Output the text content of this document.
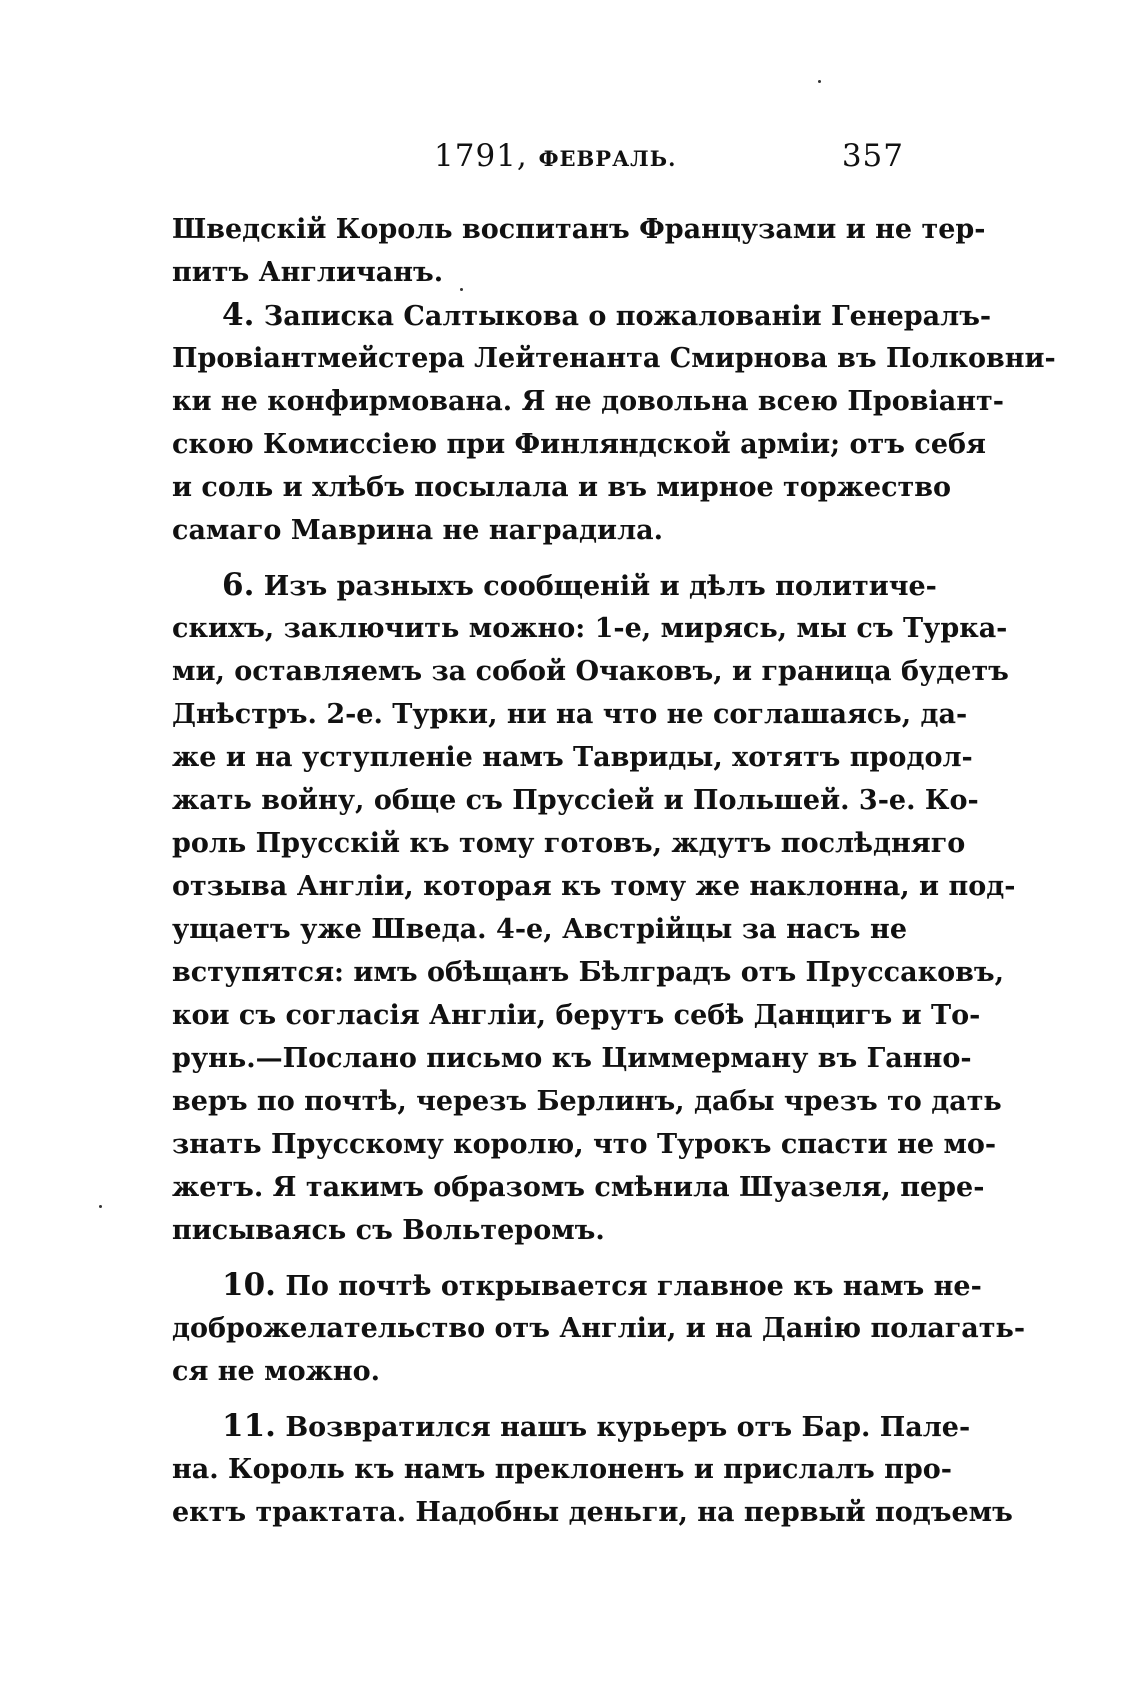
1791, ФЕВРАЛЬ.	357
Шведскій Король воспитанъ Французами и не тер-
питъ Англичанъ.
4. Записка Салтыкова о пожалованіи Генералъ-
Провіантмейстера Лейтенанта Смирнова въ Полковни-
ки не конфирмована. Я не довольна всею Провіант-
скою Комиссіею при Финляндской арміи; отъ себя
и соль и хлѣбъ посылала и въ мирное торжество
самаго Маврина не наградила.
6. Изъ разныхъ сообщеній и дѣлъ политиче-
скихъ, заключить можно: 1-е, мирясь, мы съ Турка-
ми, оставляемъ за собой Очаковъ, и граница будетъ
Днѣстръ. 2-е. Турки, ни на что не соглашаясь, да-
же и на уступленіе намъ Тавриды, хотятъ продол-
жать войну, обще съ Пруссіей и Польшей. 3-е. Ко-
роль Прусскій къ тому готовъ, ждутъ послѣдняго
отзыва Англіи, которая къ тому же наклонна, и под-
ущаетъ уже Шведа. 4-е, Австрійцы за насъ не
вступятся: имъ обѣщанъ Бѣлградъ отъ Пруссаковъ,
кои съ согласія Англіи, берутъ себѣ Данцигъ и То-
рунь.—Послано письмо къ Циммерману въ Ганно-
веръ по почтѣ, черезъ Берлинъ, дабы чрезъ то дать
знать Прусскому королю, что Турокъ спасти не мо-
жетъ. Я такимъ образомъ смѣнила Шуазеля, пере-
писываясь съ Вольтеромъ.
10. По почтѣ открывается главное къ намъ не-
доброжелательство отъ Англіи, и на Данію полагать-
ся не можно.
11. Возвратился нашъ курьеръ отъ Бар. Пале-
на. Король къ намъ преклоненъ и прислалъ про-
ектъ трактата. Надобны деньги, на первый подъемъ
